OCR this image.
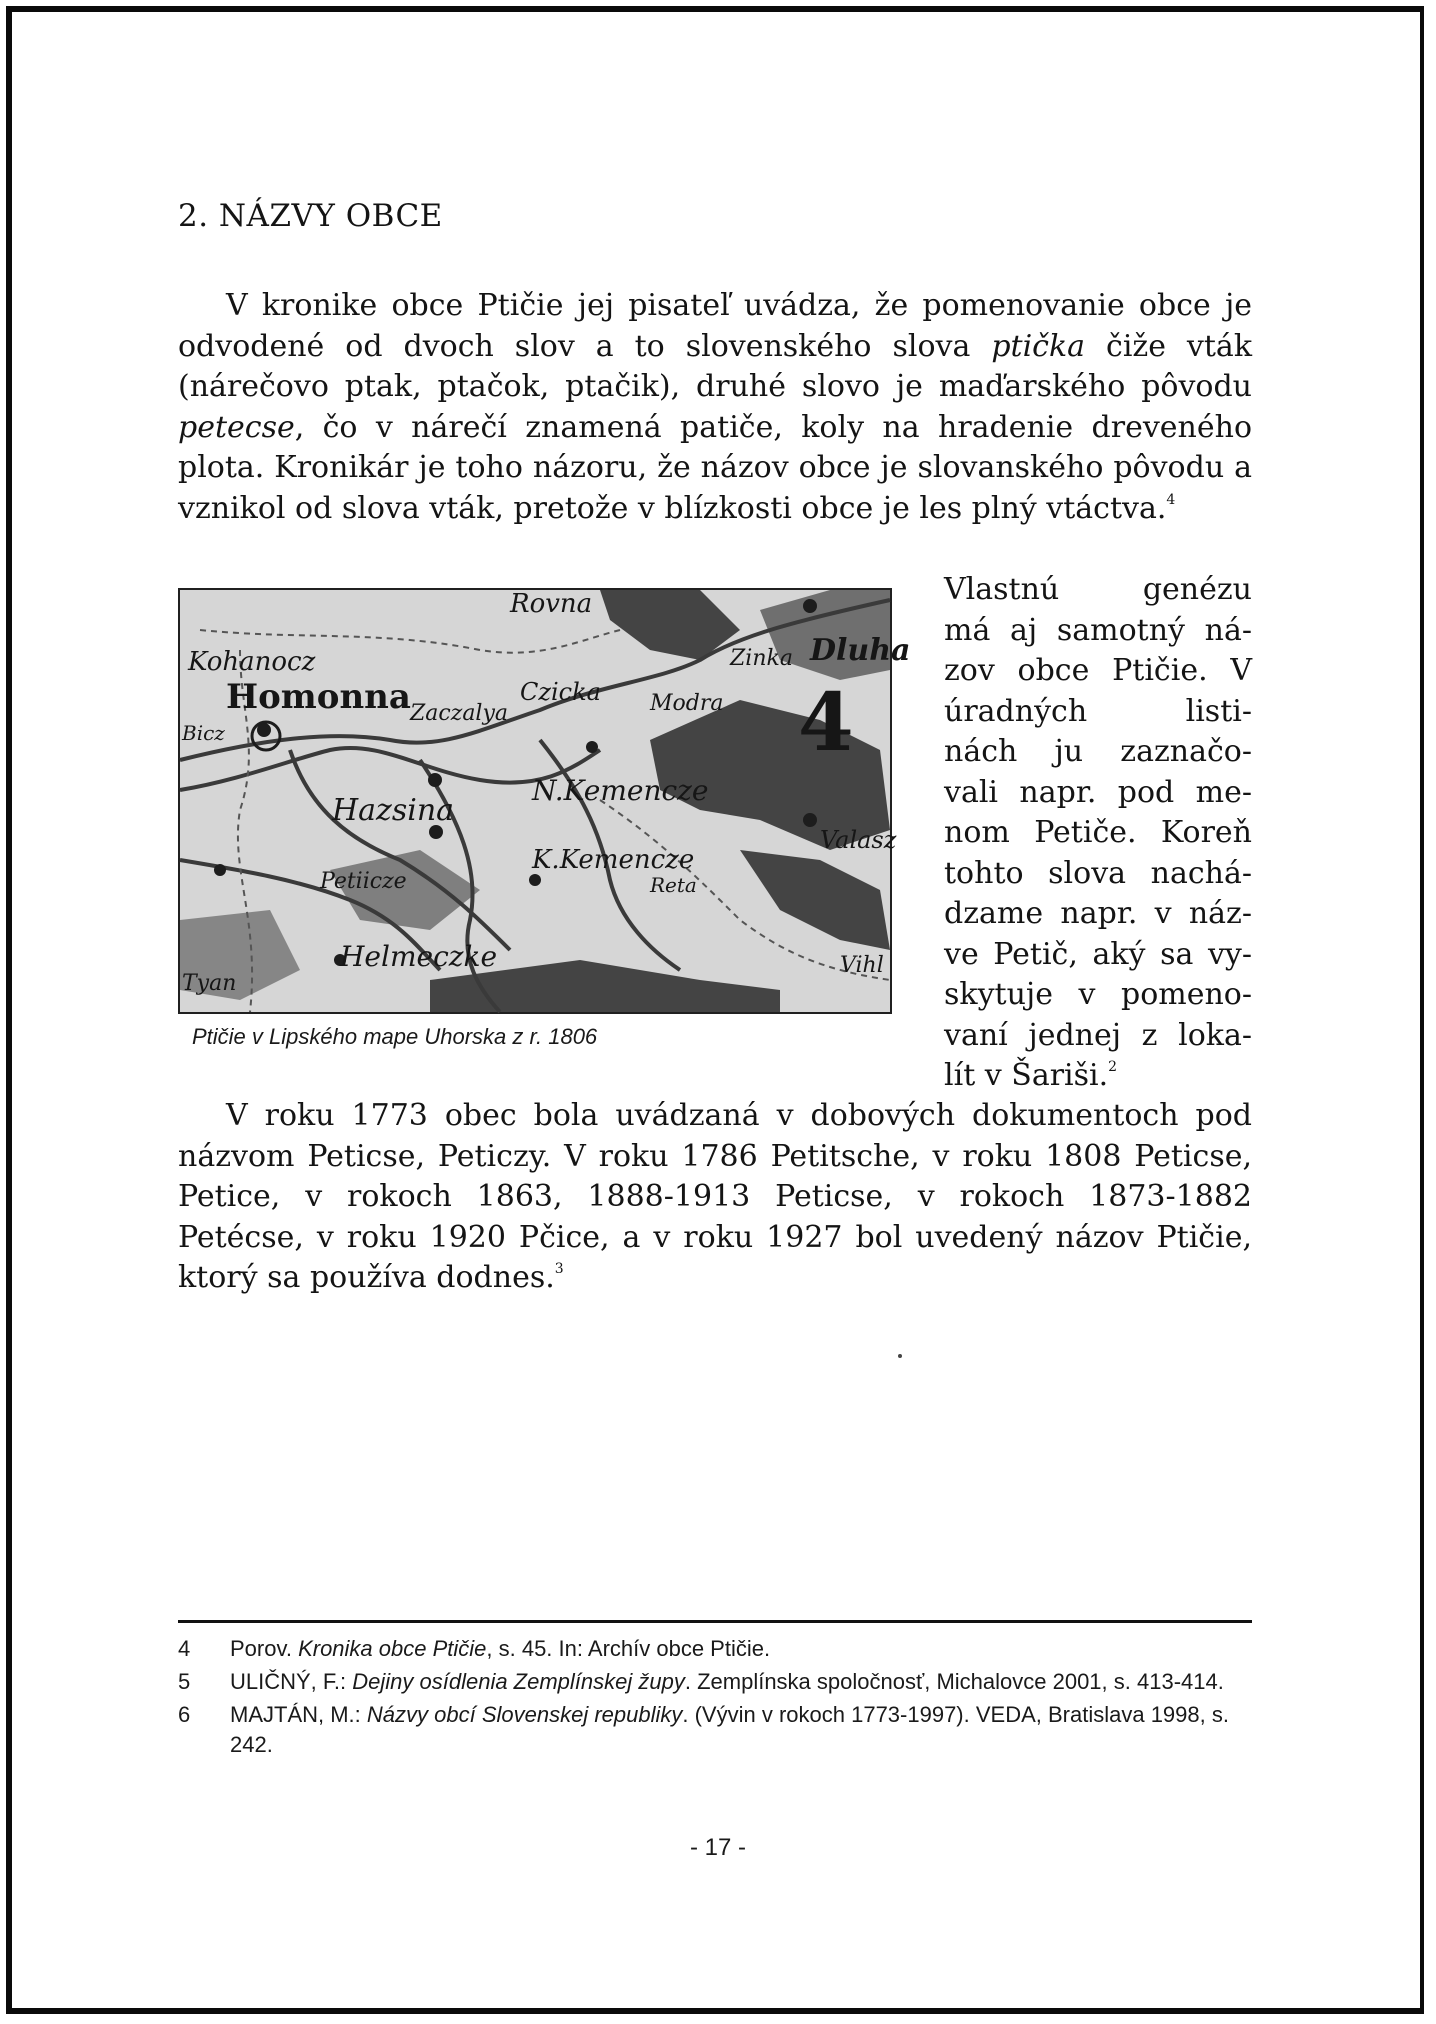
2. NÁZVY OBCE

V kronike obce Ptičie jej pisateľ uvádza, že pomenovanie obce je odvodené od dvoch slov a to slovenského slova ptička čiže vták (nárečovo ptak, ptačok, ptačik), druhé slovo je maďarského pôvodu petecse, čo v nárečí znamená patiče, koly na hradenie dreveného plota. Kronikár je toho názoru, že názov obce je slovanského pôvodu a vznikol od slova vták, pretože v blízkosti obce je les plný vtáctva.$^4$

Rovna
Kohanocz
Homonna Zaczalya
Czicka
Zinka Dluha
Modra 4
Hazsina
N.Kemencze
K.Kemencze
Valasz
Petiicze	Reta
Helmeczke	Vihl
Bicz
Tyan

Ptičie v Lipského mape Uhorska z r. 1806

Vlastnú genézu
má aj samotný ná-
zov obce Ptičie. V
úradných listi-
nách ju zaznačo-
vali napr. pod me-
nom Petiče. Koreň
tohto slova nachá-
dzame napr. v náz-
ve Petič, aký sa vy-
skytuje v pomeno-
vaní jednej z loka-
lít v Šariši.$^2$

V roku 1773 obec bola uvádzaná v dobových dokumentoch pod názvom Peticse, Peticzy. V roku 1786 Petitsche, v roku 1808 Peticse, Petice, v rokoch 1863, 1888-1913 Peticse, v rokoch 1873-1882 Petécse, v roku 1920 Pčice, a v roku 1927 bol uvedený názov Ptičie, ktorý sa používa dodnes.$^3$

4	Porov. Kronika obce Ptičie, s. 45. In: Archív obce Ptičie.
5	ULIČNÝ, F.: Dejiny osídlenia Zemplínskej župy. Zemplínska spoločnosť, Michalovce 2001, s. 413-414.
6	MAJTÁN, M.: Názvy obcí Slovenskej republiky. (Vývin v rokoch 1773-1997). VEDA, Bratislava 1998, s. 242.

- 17 -
